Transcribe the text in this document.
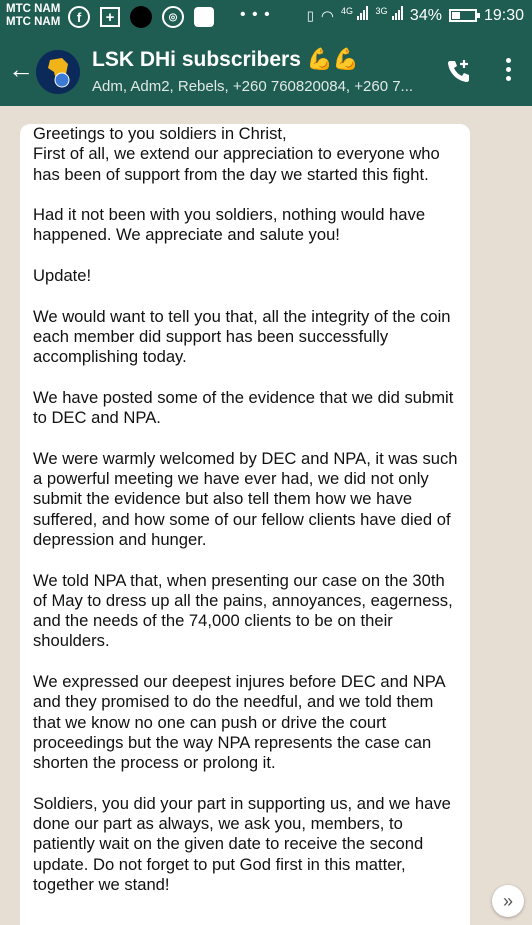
MTC NAM
MTC NAM	f	+	◎	• • •	▯ ◠ $^{4G}$	$^{3G}$	34%	19:30
←	LSK DHi subscribers 💪💪
Adm, Adm2, Rebels, +260 760820084, +260 7...

Greetings to you soldiers in Christ,
First of all, we extend our appreciation to everyone who has been of support from the day we started this fight.

Had it not been with you soldiers, nothing would have happened. We appreciate and salute you!

Update!

We would want to tell you that, all the integrity of the coin each member did support has been successfully accomplishing today.

We have posted some of the evidence that we did submit to DEC and NPA.

We were warmly welcomed by DEC and NPA, it was such a powerful meeting we have ever had, we did not only submit the evidence but also tell them how we have suffered, and how some of our fellow clients have died of depression and hunger.

We told NPA that, when presenting our case on the 30th of May to dress up all the pains, annoyances, eagerness, and the needs of the 74,000 clients to be on their shoulders.

We expressed our deepest injures before DEC and NPA and they promised to do the needful, and we told them that we know no one can push or drive the court proceedings but the way NPA represents the case can shorten the process or prolong it.

Soldiers, you did your part in supporting us, and we have done our part as always, we ask you, members, to patiently wait on the given date to receive the second update. Do not forget to put God first in this matter, together we stand!

»
